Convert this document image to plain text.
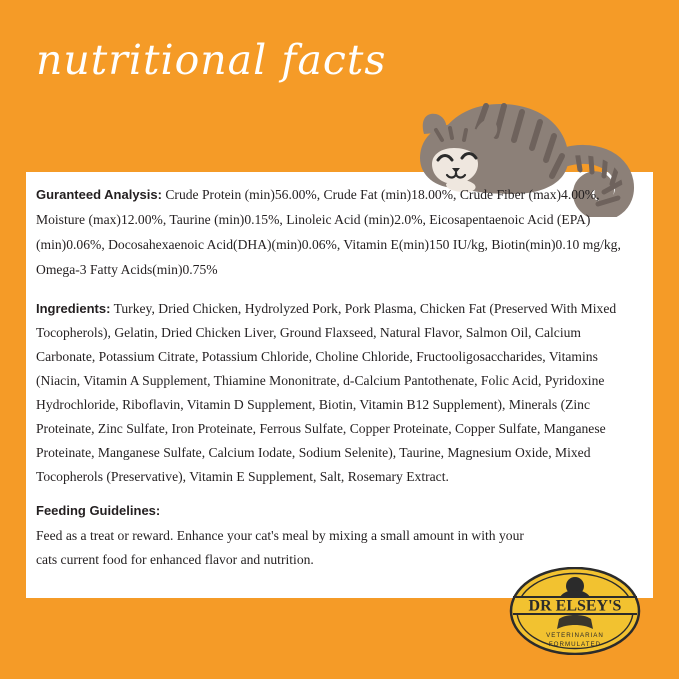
nutritional facts

Guranteed Analysis: Crude Protein (min)56.00%, Crude Fat (min)18.00%, Crude Fiber (max)4.00%, Moisture (max)12.00%, Taurine (min)0.15%, Linoleic Acid (min)2.0%, Eicosapentaenoic Acid (EPA) (min)0.06%, Docosahexaenoic Acid(DHA)(min)0.06%, Vitamin E(min)150 IU/kg, Biotin(min)0.10 mg/kg, Omega-3 Fatty Acids(min)0.75%

Ingredients: Turkey, Dried Chicken, Hydrolyzed Pork, Pork Plasma, Chicken Fat (Preserved With Mixed Tocopherols), Gelatin, Dried Chicken Liver, Ground Flaxseed, Natural Flavor, Salmon Oil, Calcium Carbonate, Potassium Citrate, Potassium Chloride, Choline Chloride, Fructooligosaccharides, Vitamins (Niacin, Vitamin A Supplement, Thiamine Mononitrate, d-Calcium Pantothenate, Folic Acid, Pyridoxine Hydrochloride, Riboflavin, Vitamin D Supplement, Biotin, Vitamin B12 Supplement), Minerals (Zinc Proteinate, Zinc Sulfate, Iron Proteinate, Ferrous Sulfate, Copper Proteinate, Copper Sulfate, Manganese Proteinate, Manganese Sulfate, Calcium Iodate, Sodium Selenite), Taurine, Magnesium Oxide, Mixed Tocopherols (Preservative), Vitamin E Supplement, Salt, Rosemary Extract.

Feeding Guidelines:

Feed as a treat or reward. Enhance your cat's meal by mixing a small amount in with your cats current food for enhanced flavor and nutrition.

DR ELSEY'S
VETERINARIAN
FORMULATED
